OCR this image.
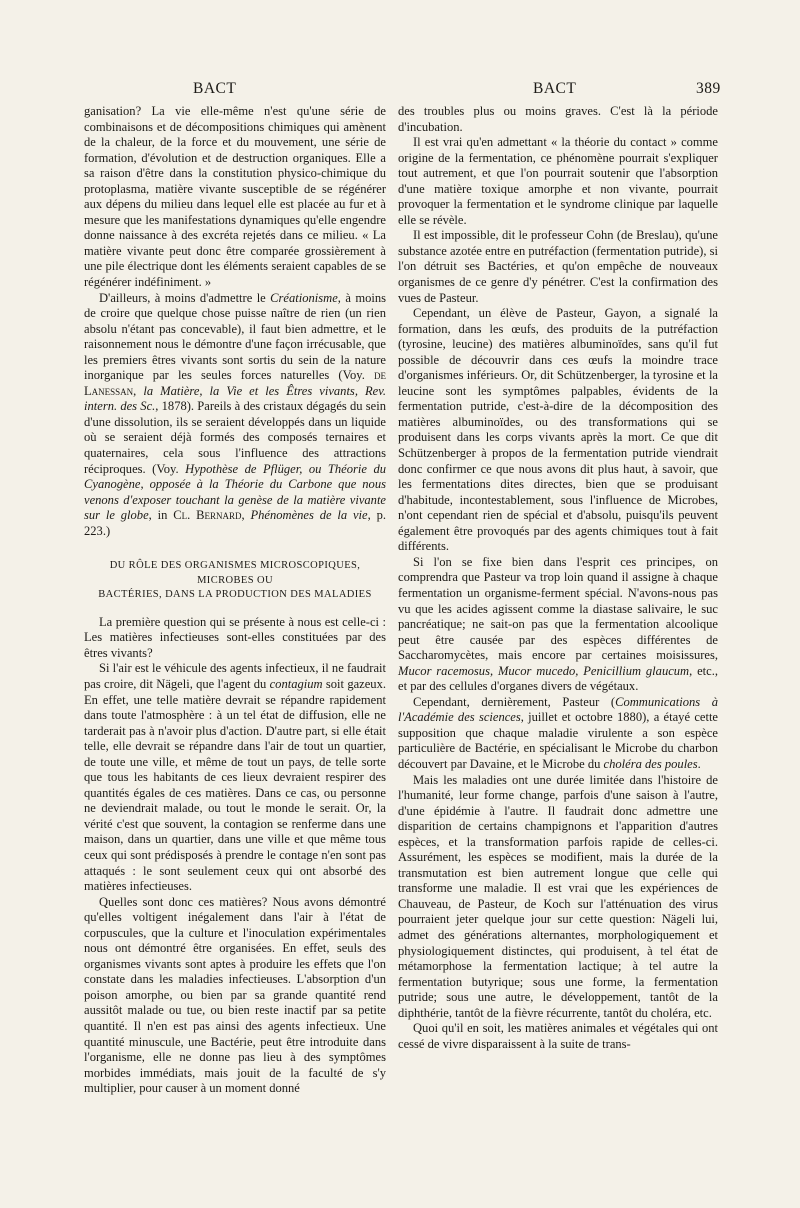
BACT	BACT	389

ganisation? La vie elle-même n'est qu'une série de combinaisons et de décompositions chimiques qui amènent de la chaleur, de la force et du mouvement, une série de formation, d'évolution et de destruction organiques. Elle a sa raison d'être dans la constitution physico-chimique du protoplasma, matière vivante susceptible de se régénérer aux dépens du milieu dans lequel elle est placée au fur et à mesure que les manifestations dynamiques qu'elle engendre donne naissance à des excréta rejetés dans ce milieu. « La matière vivante peut donc être comparée grossièrement à une pile électrique dont les éléments seraient capables de se régénérer indéfiniment. »

D'ailleurs, à moins d'admettre le Créationisme, à moins de croire que quelque chose puisse naître de rien (un rien absolu n'étant pas concevable), il faut bien admettre, et le raisonnement nous le démontre d'une façon irrécusable, que les premiers êtres vivants sont sortis du sein de la nature inorganique par les seules forces naturelles (Voy. de Lanessan, la Matière, la Vie et les Êtres vivants, Rev. intern. des Sc., 1878). Pareils à des cristaux dégagés du sein d'une dissolution, ils se seraient développés dans un liquide où se seraient déjà formés des composés ternaires et quaternaires, cela sous l'influence des attractions réciproques. (Voy. Hypothèse de Pflüger, ou Théorie du Cyanogène, opposée à la Théorie du Carbone que nous venons d'exposer touchant la genèse de la matière vivante sur le globe, in Cl. Bernard, Phénomènes de la vie, p. 223.)

DU RÔLE DES ORGANISMES MICROSCOPIQUES, MICROBES OU
BACTÉRIES, DANS LA PRODUCTION DES MALADIES

La première question qui se présente à nous est celle-ci : Les matières infectieuses sont-elles constituées par des êtres vivants?

Si l'air est le véhicule des agents infectieux, il ne faudrait pas croire, dit Nägeli, que l'agent du contagium soit gazeux. En effet, une telle matière devrait se répandre rapidement dans toute l'atmosphère : à un tel état de diffusion, elle ne tarderait pas à n'avoir plus d'action. D'autre part, si elle était telle, elle devrait se répandre dans l'air de tout un quartier, de toute une ville, et même de tout un pays, de telle sorte que tous les habitants de ces lieux devraient respirer des quantités égales de ces matières. Dans ce cas, ou personne ne deviendrait malade, ou tout le monde le serait. Or, la vérité c'est que souvent, la contagion se renferme dans une maison, dans un quartier, dans une ville et que même tous ceux qui sont prédisposés à prendre le contage n'en sont pas attaqués : le sont seulement ceux qui ont absorbé des matières infectieuses.

Quelles sont donc ces matières? Nous avons démontré qu'elles voltigent inégalement dans l'air à l'état de corpuscules, que la culture et l'inoculation expérimentales nous ont démontré être organisées. En effet, seuls des organismes vivants sont aptes à produire les effets que l'on constate dans les maladies infectieuses. L'absorption d'un poison amorphe, ou bien par sa grande quantité rend aussitôt malade ou tue, ou bien reste inactif par sa petite quantité. Il n'en est pas ainsi des agents infectieux. Une quantité minuscule, une Bactérie, peut être introduite dans l'organisme, elle ne donne pas lieu à des symptômes morbides immédiats, mais jouit de la faculté de s'y multiplier, pour causer à un moment donné

des troubles plus ou moins graves. C'est là la période d'incubation.

Il est vrai qu'en admettant « la théorie du contact » comme origine de la fermentation, ce phénomène pourrait s'expliquer tout autrement, et que l'on pourrait soutenir que l'absorption d'une matière toxique amorphe et non vivante, pourrait provoquer la fermentation et le syndrome clinique par laquelle elle se révèle.

Il est impossible, dit le professeur Cohn (de Breslau), qu'une substance azotée entre en putréfaction (fermentation putride), si l'on détruit ses Bactéries, et qu'on empêche de nouveaux organismes de ce genre d'y pénétrer. C'est la confirmation des vues de Pasteur.

Cependant, un élève de Pasteur, Gayon, a signalé la formation, dans les œufs, des produits de la putréfaction (tyrosine, leucine) des matières albuminoïdes, sans qu'il fut possible de découvrir dans ces œufs la moindre trace d'organismes inférieurs. Or, dit Schützenberger, la tyrosine et la leucine sont les symptômes palpables, évidents de la fermentation putride, c'est-à-dire de la décomposition des matières albuminoïdes, ou des transformations qui se produisent dans les corps vivants après la mort. Ce que dit Schützenberger à propos de la fermentation putride viendrait donc confirmer ce que nous avons dit plus haut, à savoir, que les fermentations dites directes, bien que se produisant d'habitude, incontestablement, sous l'influence de Microbes, n'ont cependant rien de spécial et d'absolu, puisqu'ils peuvent également être provoqués par des agents chimiques tout à fait différents.

Si l'on se fixe bien dans l'esprit ces principes, on comprendra que Pasteur va trop loin quand il assigne à chaque fermentation un organisme-ferment spécial. N'avons-nous pas vu que les acides agissent comme la diastase salivaire, le suc pancréatique; ne sait-on pas que la fermentation alcoolique peut être causée par des espèces différentes de Saccharomycètes, mais encore par certaines moisissures, Mucor racemosus, Mucor mucedo, Penicillium glaucum, etc., et par des cellules d'organes divers de végétaux.

Cependant, dernièrement, Pasteur (Communications à l'Académie des sciences, juillet et octobre 1880), a étayé cette supposition que chaque maladie virulente a son espèce particulière de Bactérie, en spécialisant le Microbe du charbon découvert par Davaine, et le Microbe du choléra des poules.

Mais les maladies ont une durée limitée dans l'histoire de l'humanité, leur forme change, parfois d'une saison à l'autre, d'une épidémie à l'autre. Il faudrait donc admettre une disparition de certains champignons et l'apparition d'autres espèces, et la transformation parfois rapide de celles-ci. Assurément, les espèces se modifient, mais la durée de la transmutation est bien autrement longue que celle qui transforme une maladie. Il est vrai que les expériences de Chauveau, de Pasteur, de Koch sur l'atténuation des virus pourraient jeter quelque jour sur cette question: Nägeli lui, admet des générations alternantes, morphologiquement et physiologiquement distinctes, qui produisent, à tel état de métamorphose la fermentation lactique; à tel autre la fermentation butyrique; sous une forme, la fermentation putride; sous une autre, le développement, tantôt de la diphthérie, tantôt de la fièvre récurrente, tantôt du choléra, etc.

Quoi qu'il en soit, les matières animales et végétales qui ont cessé de vivre disparaissent à la suite de trans-
